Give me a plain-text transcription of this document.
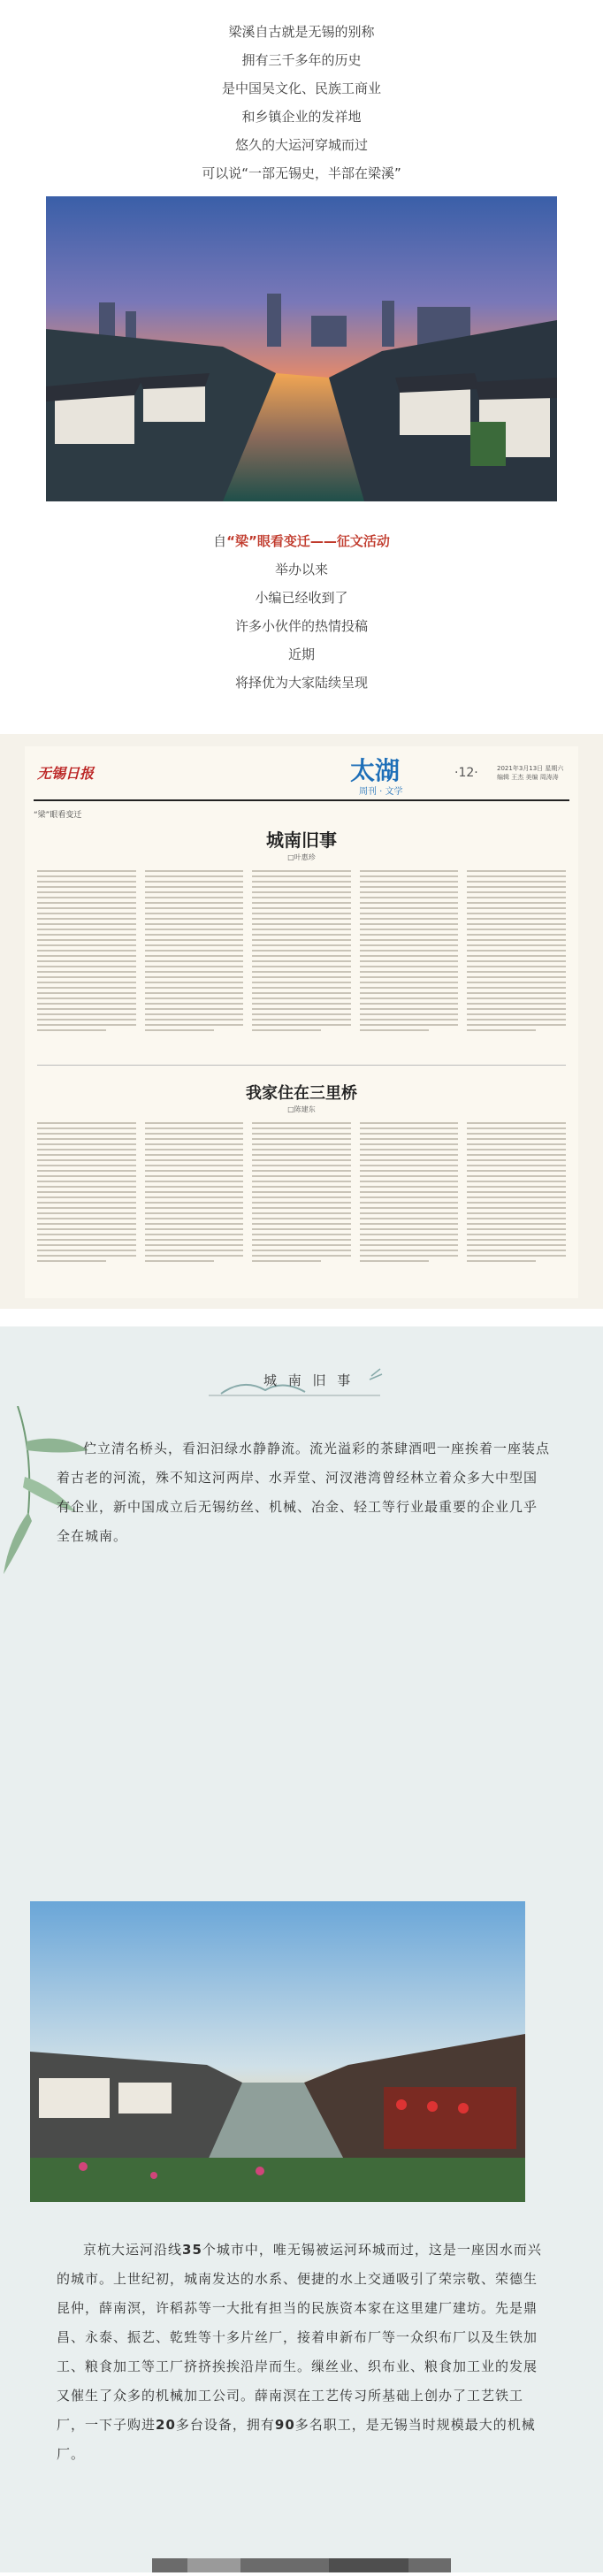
梁溪自古就是无锡的别称
拥有三千多年的历史
是中国吴文化、民族工商业
和乡镇企业的发祥地
悠久的大运河穿城而过
可以说“一部无锡史，半部在梁溪”
自“梁”眼看变迁——征文活动
举办以来
小编已经收到了
许多小伙伴的热情投稿
近期
将择优为大家陆续呈现
无锡日报	太湖
周刊 · 文学
·12·	2021年3月13日 星期六
编辑 王杰 美编 周涛涛
“梁”眼看变迁
城南旧事
□叶惠珍
我家住在三里桥
□陈建东
城 南 旧 事
伫立清名桥头，看汩汩绿水静静流。流光溢彩的茶肆酒吧一座挨着一座装点着古老的河流，殊不知这河两岸、水弄堂、河汊港湾曾经林立着众多大中型国有企业，新中国成立后无锡纺丝、机械、冶金、轻工等行业最重要的企业几乎全在城南。
京杭大运河沿线35个城市中，唯无锡被运河环城而过，这是一座因水而兴的城市。上世纪初，城南发达的水系、便捷的水上交通吸引了荣宗敬、荣德生昆仲，薛南溟，许稻荪等一大批有担当的民族资本家在这里建厂建坊。先是鼎昌、永泰、振艺、乾甡等十多片丝厂，接着申新布厂等一众织布厂以及生铁加工、粮食加工等工厂挤挤挨挨沿岸而生。缫丝业、织布业、粮食加工业的发展又催生了众多的机械加工公司。薛南溟在工艺传习所基础上创办了工艺铁工厂，一下子购进20多台设备，拥有90多名职工，是无锡当时规模最大的机械厂。
